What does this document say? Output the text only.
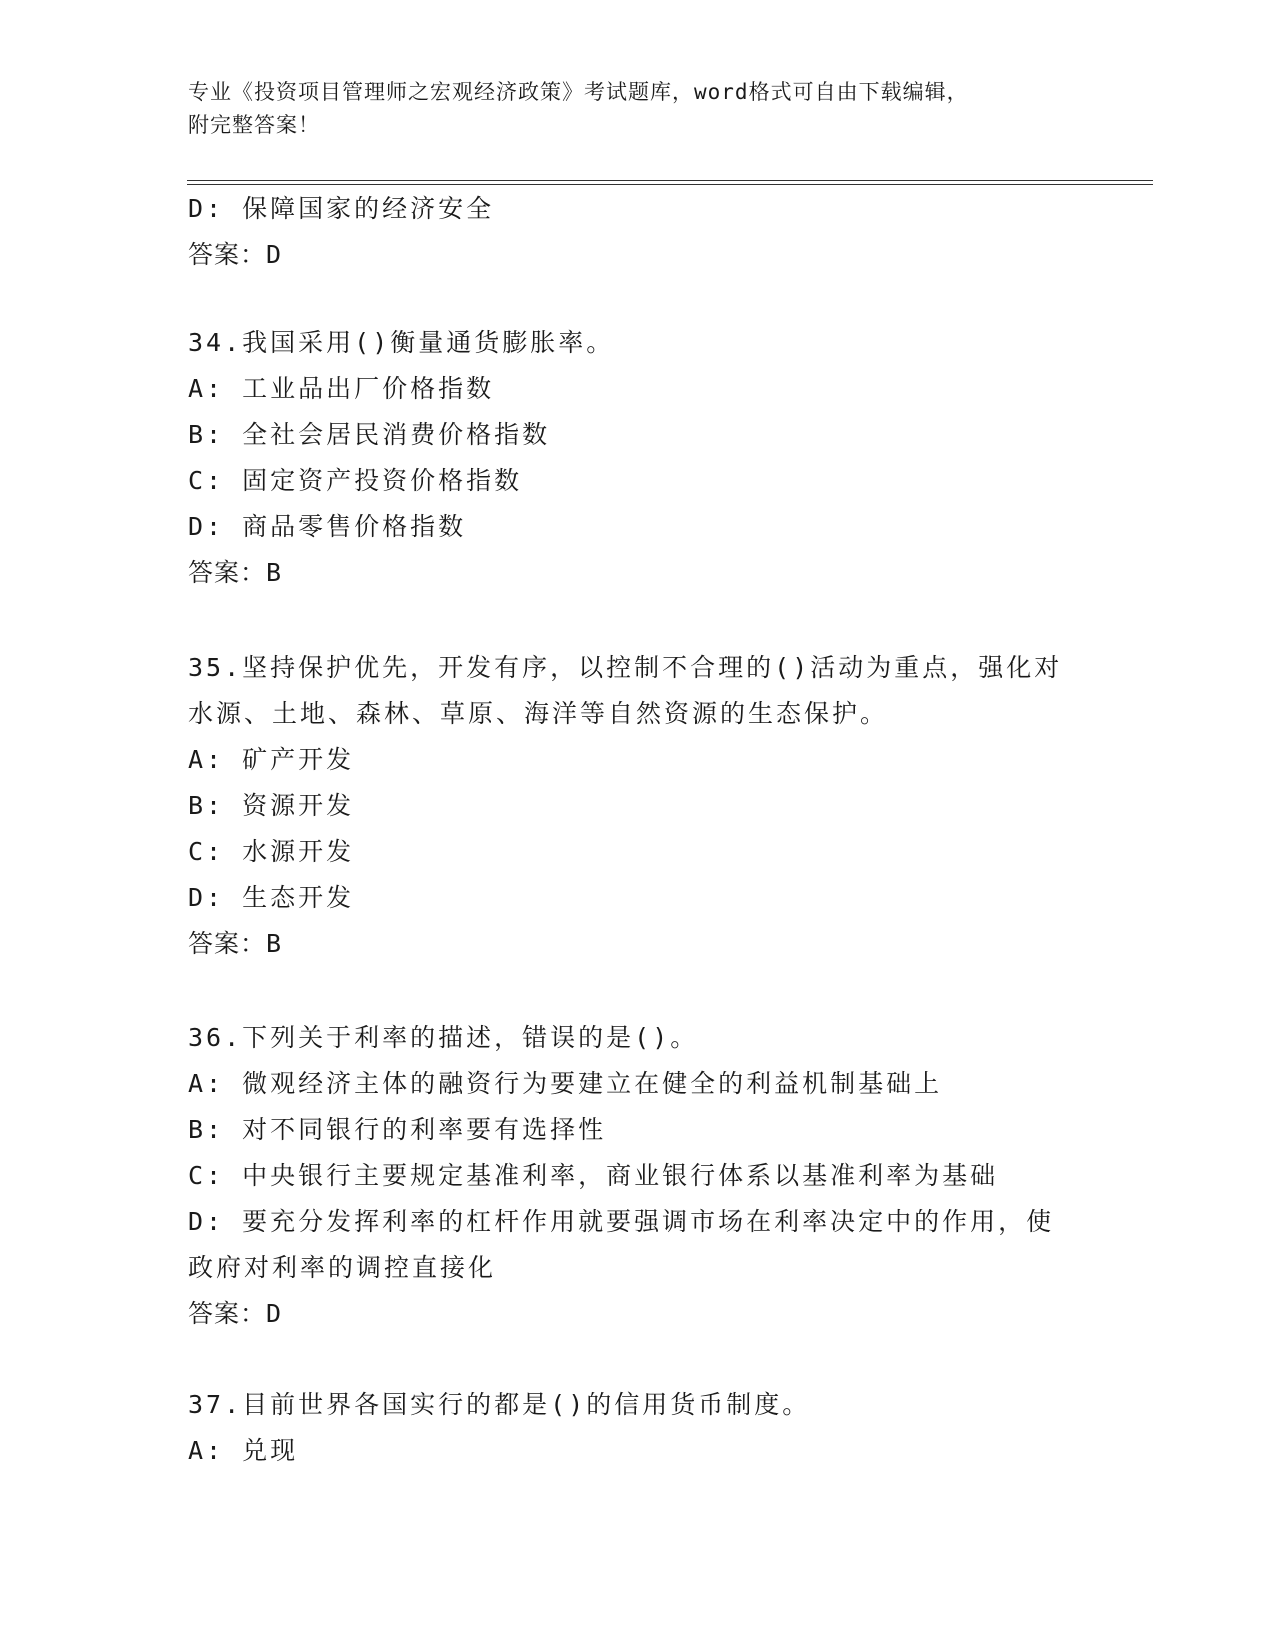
专业《投资项目管理师之宏观经济政策》考试题库，word格式可自由下载编辑，
附完整答案！
D: 保障国家的经济安全
答案：D
34.我国采用()衡量通货膨胀率。
A: 工业品出厂价格指数
B: 全社会居民消费价格指数
C: 固定资产投资价格指数
D: 商品零售价格指数
答案：B
35.坚持保护优先，开发有序，以控制不合理的()活动为重点，强化对
水源、土地、森林、草原、海洋等自然资源的生态保护。
A: 矿产开发
B: 资源开发
C: 水源开发
D: 生态开发
答案：B
36.下列关于利率的描述，错误的是()。
A: 微观经济主体的融资行为要建立在健全的利益机制基础上
B: 对不同银行的利率要有选择性
C: 中央银行主要规定基准利率，商业银行体系以基准利率为基础
D: 要充分发挥利率的杠杆作用就要强调市场在利率决定中的作用，使
政府对利率的调控直接化
答案：D
37.目前世界各国实行的都是()的信用货币制度。
A: 兑现
